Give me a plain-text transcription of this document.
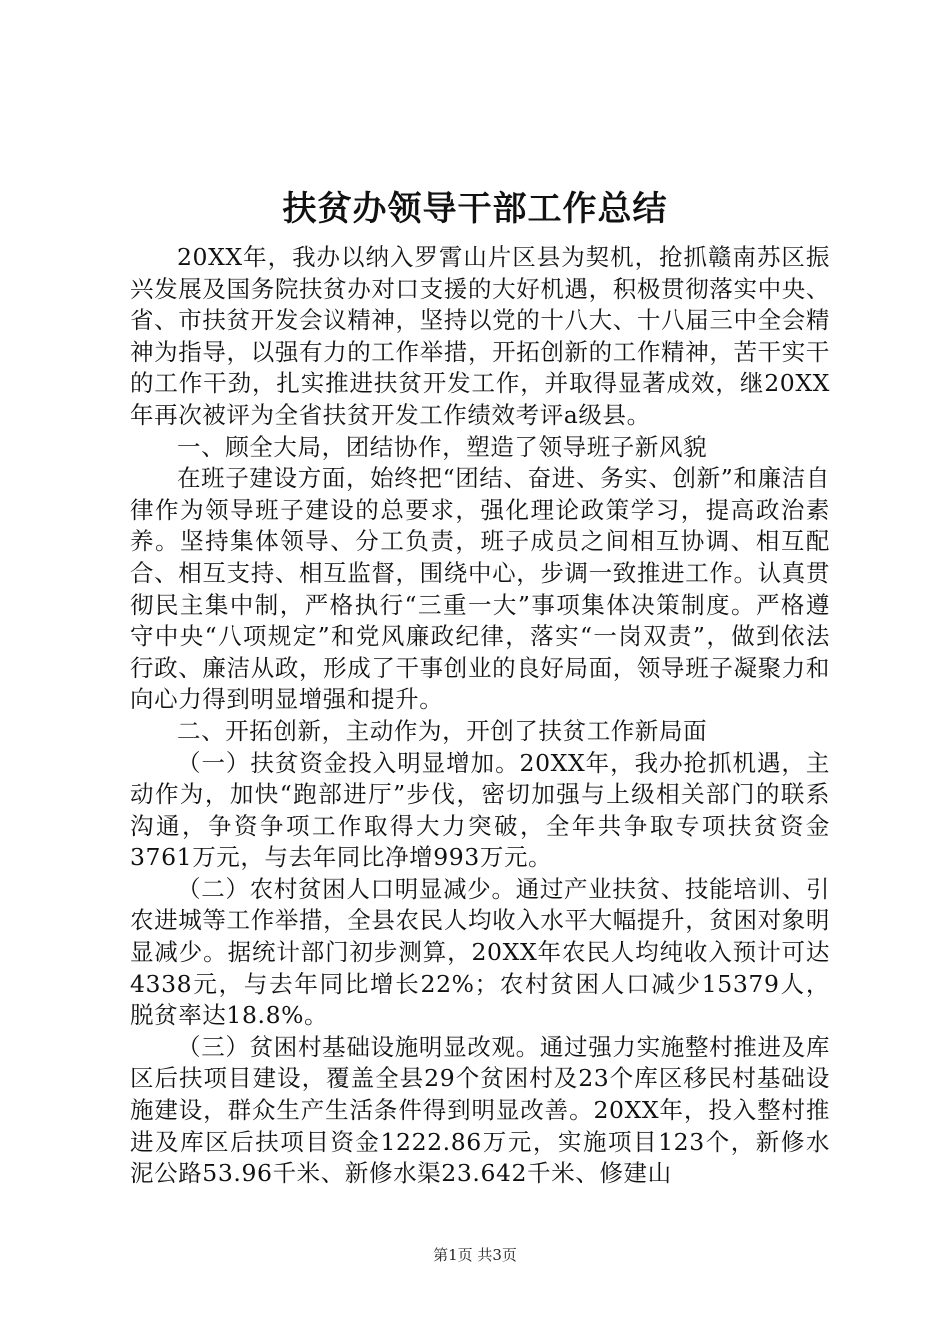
扶贫办领导干部工作总结

20XX年，我办以纳入罗霄山片区县为契机，抢抓赣南苏区振兴发展及国务院扶贫办对口支援的大好机遇，积极贯彻落实中央、省、市扶贫开发会议精神，坚持以党的十八大、十八届三中全会精神为指导，以强有力的工作举措，开拓创新的工作精神，苦干实干的工作干劲，扎实推进扶贫开发工作，并取得显著成效，继20XX年再次被评为全省扶贫开发工作绩效考评a级县。

一、顾全大局，团结协作，塑造了领导班子新风貌

在班子建设方面，始终把“团结、奋进、务实、创新”和廉洁自律作为领导班子建设的总要求，强化理论政策学习，提高政治素养。坚持集体领导、分工负责，班子成员之间相互协调、相互配合、相互支持、相互监督，围绕中心，步调一致推进工作。认真贯彻民主集中制，严格执行“三重一大”事项集体决策制度。严格遵守中央“八项规定”和党风廉政纪律，落实“一岗双责”，做到依法行政、廉洁从政，形成了干事创业的良好局面，领导班子凝聚力和向心力得到明显增强和提升。

二、开拓创新，主动作为，开创了扶贫工作新局面

（一）扶贫资金投入明显增加。20XX年，我办抢抓机遇，主动作为，加快“跑部进厅”步伐，密切加强与上级相关部门的联系沟通，争资争项工作取得大力突破，全年共争取专项扶贫资金3761万元，与去年同比净增993万元。

（二）农村贫困人口明显减少。通过产业扶贫、技能培训、引农进城等工作举措，全县农民人均收入水平大幅提升，贫困对象明显减少。据统计部门初步测算，20XX年农民人均纯收入预计可达4338元，与去年同比增长22%；农村贫困人口减少15379人，脱贫率达18.8%。

（三）贫困村基础设施明显改观。通过强力实施整村推进及库区后扶项目建设，覆盖全县29个贫困村及23个库区移民村基础设施建设，群众生产生活条件得到明显改善。20XX年，投入整村推进及库区后扶项目资金1222.86万元，实施项目123个，新修水泥公路53.96千米、新修水渠23.642千米、修建山

第1页 共3页
